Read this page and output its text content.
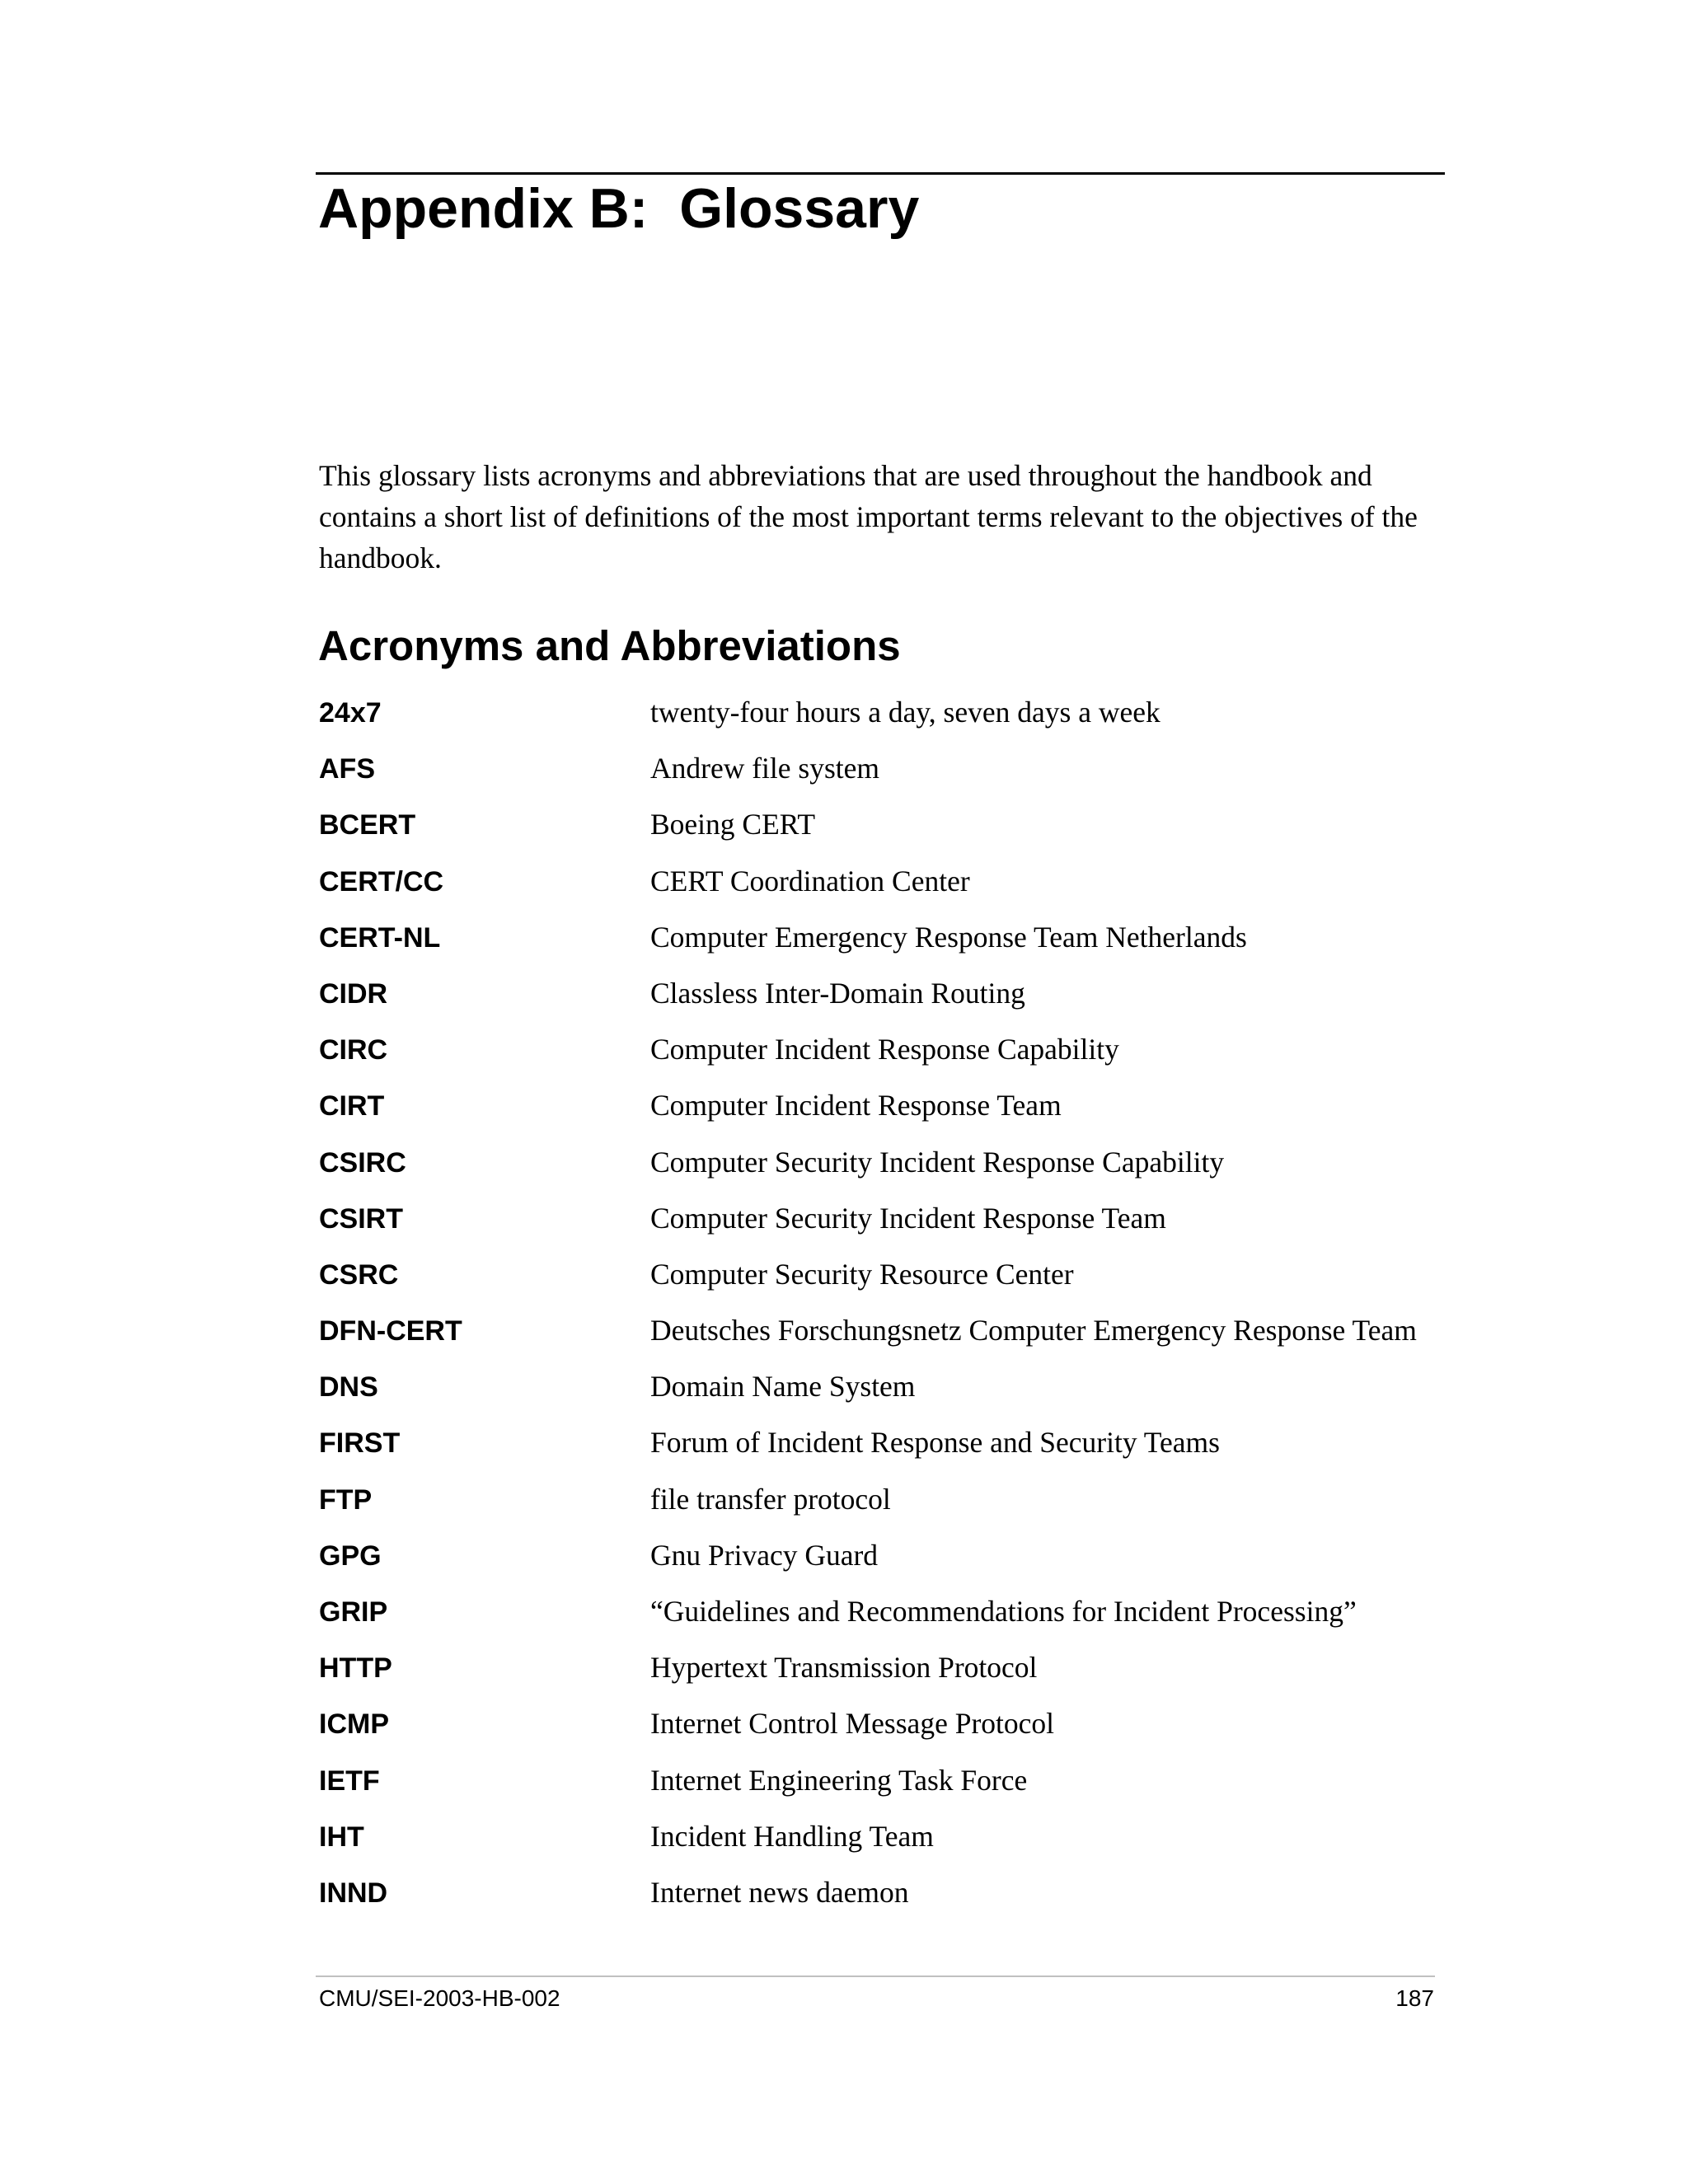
Appendix B:  Glossary

This glossary lists acronyms and abbreviations that are used throughout the handbook and contains a short list of definitions of the most important terms relevant to the objectives of the handbook.

Acronyms and Abbreviations
24x7	twenty-four hours a day, seven days a week
AFS	Andrew file system
BCERT	Boeing CERT
CERT/CC	CERT Coordination Center
CERT-NL	Computer Emergency Response Team Netherlands
CIDR	Classless Inter-Domain Routing
CIRC	Computer Incident Response Capability
CIRT	Computer Incident Response Team
CSIRC	Computer Security Incident Response Capability
CSIRT	Computer Security Incident Response Team
CSRC	Computer Security Resource Center
DFN-CERT	Deutsches Forschungsnetz Computer Emergency Response Team
DNS	Domain Name System
FIRST	Forum of Incident Response and Security Teams
FTP	file transfer protocol
GPG	Gnu Privacy Guard
GRIP	“Guidelines and Recommendations for Incident Processing”
HTTP	Hypertext Transmission Protocol
ICMP	Internet Control Message Protocol
IETF	Internet Engineering Task Force
IHT	Incident Handling Team
INND	Internet news daemon
CMU/SEI-2003-HB-002	187
